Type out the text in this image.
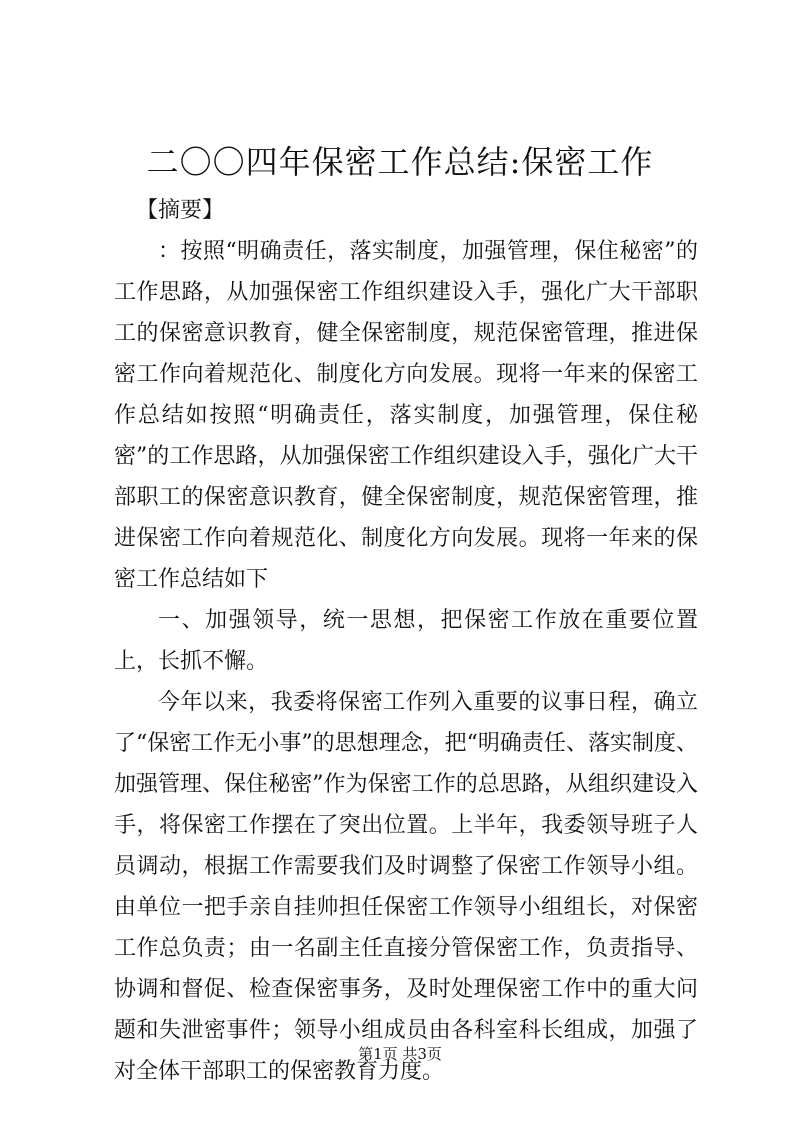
二〇〇四年保密工作总结:保密工作

【摘要】

：按照“明确责任，落实制度，加强管理，保住秘密”的工作思路，从加强保密工作组织建设入手，强化广大干部职工的保密意识教育，健全保密制度，规范保密管理，推进保密工作向着规范化、制度化方向发展。现将一年来的保密工作总结如按照“明确责任，落实制度，加强管理，保住秘密”的工作思路，从加强保密工作组织建设入手，强化广大干部职工的保密意识教育，健全保密制度，规范保密管理，推进保密工作向着规范化、制度化方向发展。现将一年来的保密工作总结如下

一、加强领导，统一思想，把保密工作放在重要位置上，长抓不懈。

今年以来，我委将保密工作列入重要的议事日程，确立了“保密工作无小事”的思想理念，把“明确责任、落实制度、加强管理、保住秘密”作为保密工作的总思路，从组织建设入手，将保密工作摆在了突出位置。上半年，我委领导班子人员调动，根据工作需要我们及时调整了保密工作领导小组。由单位一把手亲自挂帅担任保密工作领导小组组长，对保密工作总负责；由一名副主任直接分管保密工作，负责指导、协调和督促、检查保密事务，及时处理保密工作中的重大问题和失泄密事件；领导小组成员由各科室科长组成，加强了对全体干部职工的保密教育力度。

第1页 共3页
